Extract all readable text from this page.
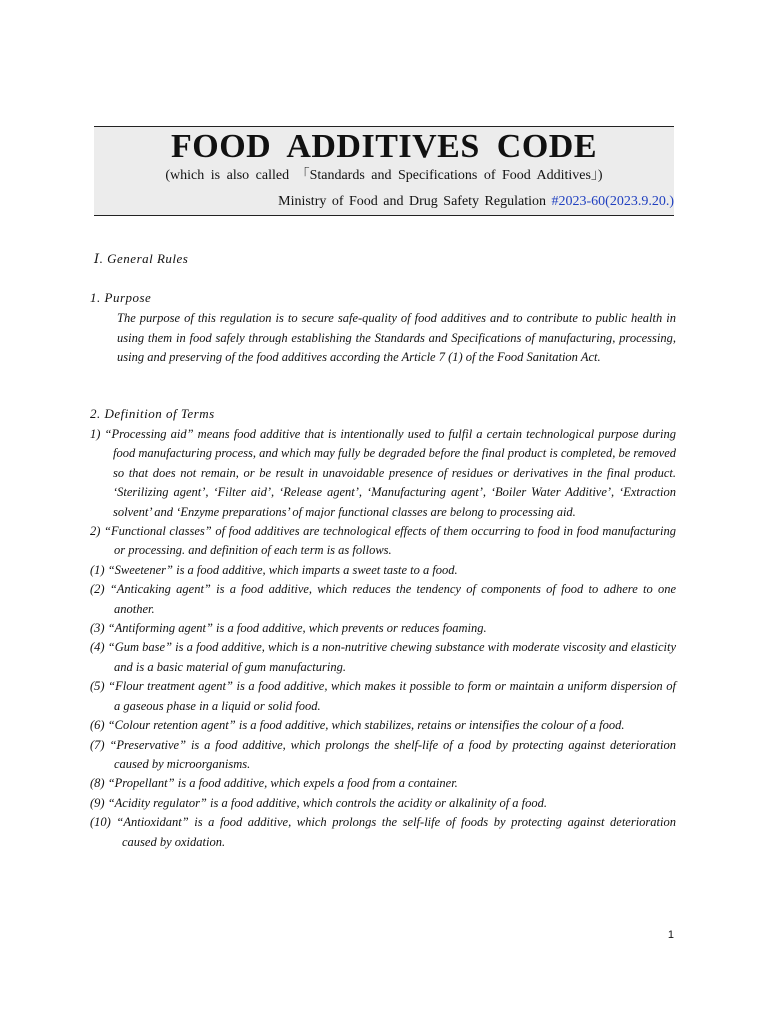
FOOD ADDITIVES CODE
(which is also called 「Standards and Specifications of Food Additives」)
Ministry of Food and Drug Safety Regulation #2023-60(2023.9.20.)
Ⅰ. General Rules
1. Purpose
The purpose of this regulation is to secure safe-quality of food additives and to contribute to public health in using them in food safely through establishing the Standards and Specifications of manufacturing, processing, using and preserving of the food additives according the Article 7 (1) of the Food Sanitation Act.
2. Definition of Terms
1) “Processing aid” means food additive that is intentionally used to fulfil a certain technological purpose during food manufacturing process, and which may fully be degraded before the final product is completed, be removed so that does not remain, or be result in unavoidable presence of residues or derivatives in the final product. ‘Sterilizing agent’, ‘Filter aid’, ‘Release agent’, ‘Manufacturing agent’, ‘Boiler Water Additive’, ‘Extraction solvent’ and ‘Enzyme preparations’ of major functional classes are belong to processing aid.
2) “Functional classes” of food additives are technological effects of them occurring to food in food manufacturing or processing. and definition of each term is as follows.
(1) “Sweetener” is a food additive, which imparts a sweet taste to a food.
(2) “Anticaking agent” is a food additive, which reduces the tendency of components of food to adhere to one another.
(3) “Antiforming agent” is a food additive, which prevents or reduces foaming.
(4) “Gum base” is a food additive, which is a non-nutritive chewing substance with moderate viscosity and elasticity and is a basic material of gum manufacturing.
(5) “Flour treatment agent” is a food additive, which makes it possible to form or maintain a uniform dispersion of a gaseous phase in a liquid or solid food.
(6) “Colour retention agent” is a food additive, which stabilizes, retains or intensifies the colour of a food.
(7) “Preservative” is a food additive, which prolongs the shelf-life of a food by protecting against deterioration caused by microorganisms.
(8) “Propellant” is a food additive, which expels a food from a container.
(9) “Acidity regulator” is a food additive, which controls the acidity or alkalinity of a food.
(10) “Antioxidant” is a food additive, which prolongs the self-life of foods by protecting against deterioration caused by oxidation.
1
